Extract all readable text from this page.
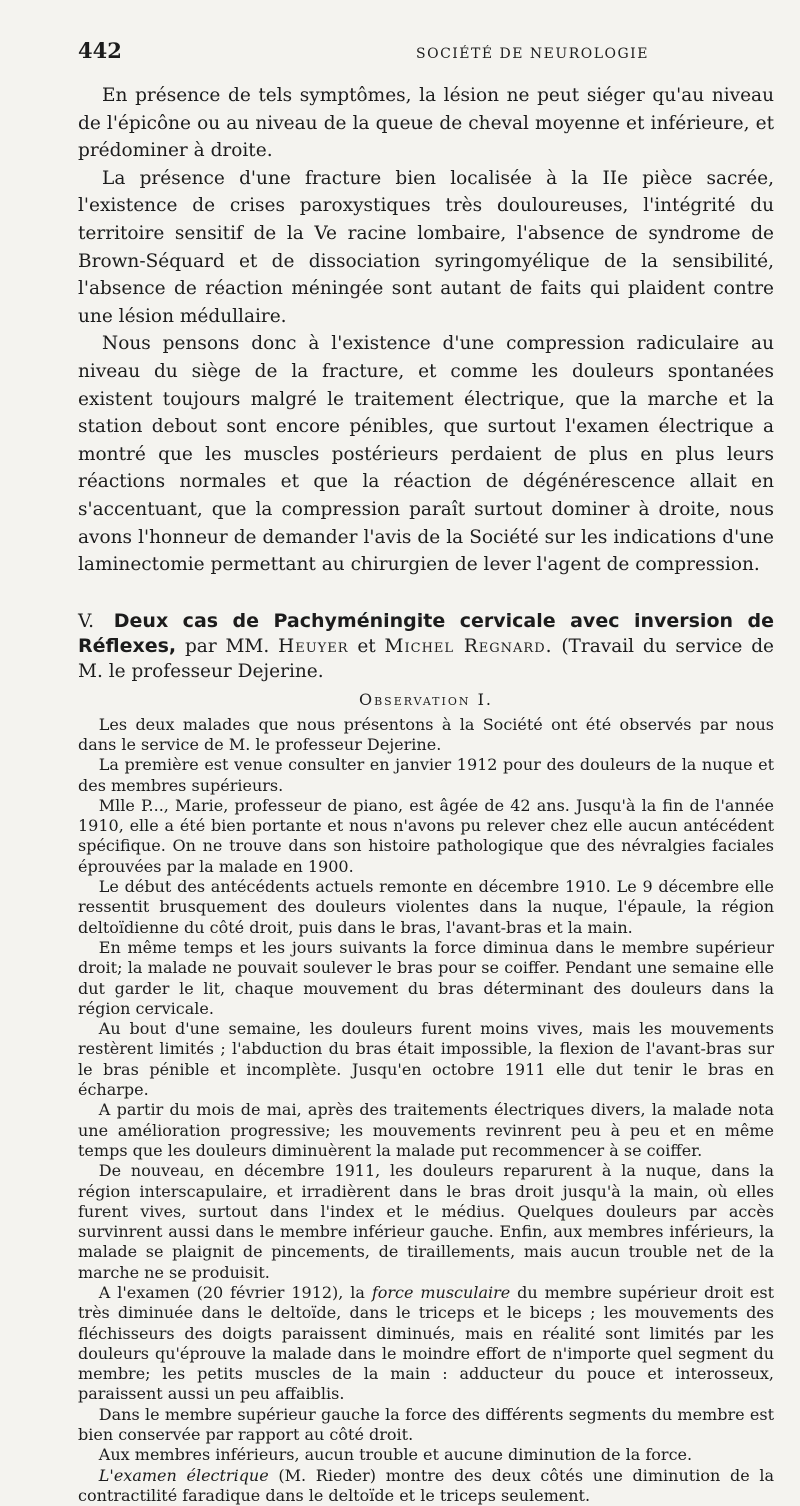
442	SOCIÉTÉ DE NEUROLOGIE

En présence de tels symptômes, la lésion ne peut siéger qu'au niveau de l'épicône ou au niveau de la queue de cheval moyenne et inférieure, et prédominer à droite.

La présence d'une fracture bien localisée à la IIe pièce sacrée, l'existence de crises paroxystiques très douloureuses, l'intégrité du territoire sensitif de la Ve racine lombaire, l'absence de syndrome de Brown-Séquard et de dissociation syringomyélique de la sensibilité, l'absence de réaction méningée sont autant de faits qui plaident contre une lésion médullaire.

Nous pensons donc à l'existence d'une compression radiculaire au niveau du siège de la fracture, et comme les douleurs spontanées existent toujours malgré le traitement électrique, que la marche et la station debout sont encore pénibles, que surtout l'examen électrique a montré que les muscles postérieurs perdaient de plus en plus leurs réactions normales et que la réaction de dégénérescence allait en s'accentuant, que la compression paraît surtout dominer à droite, nous avons l'honneur de demander l'avis de la Société sur les indications d'une laminectomie permettant au chirurgien de lever l'agent de compression.

V. Deux cas de Pachyméningite cervicale avec inversion de Réflexes, par MM. Heuyer et Michel Regnard. (Travail du service de M. le professeur Dejerine.
Observation I.

Les deux malades que nous présentons à la Société ont été observés par nous dans le service de M. le professeur Dejerine.

La première est venue consulter en janvier 1912 pour des douleurs de la nuque et des membres supérieurs.

Mlle P..., Marie, professeur de piano, est âgée de 42 ans. Jusqu'à la fin de l'année 1910, elle a été bien portante et nous n'avons pu relever chez elle aucun antécédent spécifique. On ne trouve dans son histoire pathologique que des névralgies faciales éprouvées par la malade en 1900.

Le début des antécédents actuels remonte en décembre 1910. Le 9 décembre elle ressentit brusquement des douleurs violentes dans la nuque, l'épaule, la région deltoïdienne du côté droit, puis dans le bras, l'avant-bras et la main.

En même temps et les jours suivants la force diminua dans le membre supérieur droit; la malade ne pouvait soulever le bras pour se coiffer. Pendant une semaine elle dut garder le lit, chaque mouvement du bras déterminant des douleurs dans la région cervicale.

Au bout d'une semaine, les douleurs furent moins vives, mais les mouvements restèrent limités ; l'abduction du bras était impossible, la flexion de l'avant-bras sur le bras pénible et incomplète. Jusqu'en octobre 1911 elle dut tenir le bras en écharpe.

A partir du mois de mai, après des traitements électriques divers, la malade nota une amélioration progressive; les mouvements revinrent peu à peu et en même temps que les douleurs diminuèrent la malade put recommencer à se coiffer.

De nouveau, en décembre 1911, les douleurs reparurent à la nuque, dans la région interscapulaire, et irradièrent dans le bras droit jusqu'à la main, où elles furent vives, surtout dans l'index et le médius. Quelques douleurs par accès survinrent aussi dans le membre inférieur gauche. Enfin, aux membres inférieurs, la malade se plaignit de pincements, de tiraillements, mais aucun trouble net de la marche ne se produisit.

A l'examen (20 février 1912), la force musculaire du membre supérieur droit est très diminuée dans le deltoïde, dans le triceps et le biceps ; les mouvements des fléchisseurs des doigts paraissent diminués, mais en réalité sont limités par les douleurs qu'éprouve la malade dans le moindre effort de n'importe quel segment du membre; les petits muscles de la main : adducteur du pouce et interosseux, paraissent aussi un peu affaiblis.

Dans le membre supérieur gauche la force des différents segments du membre est bien conservée par rapport au côté droit.

Aux membres inférieurs, aucun trouble et aucune diminution de la force.

L'examen électrique (M. Rieder) montre des deux côtés une diminution de la contractilité faradique dans le deltoïde et le triceps seulement.
